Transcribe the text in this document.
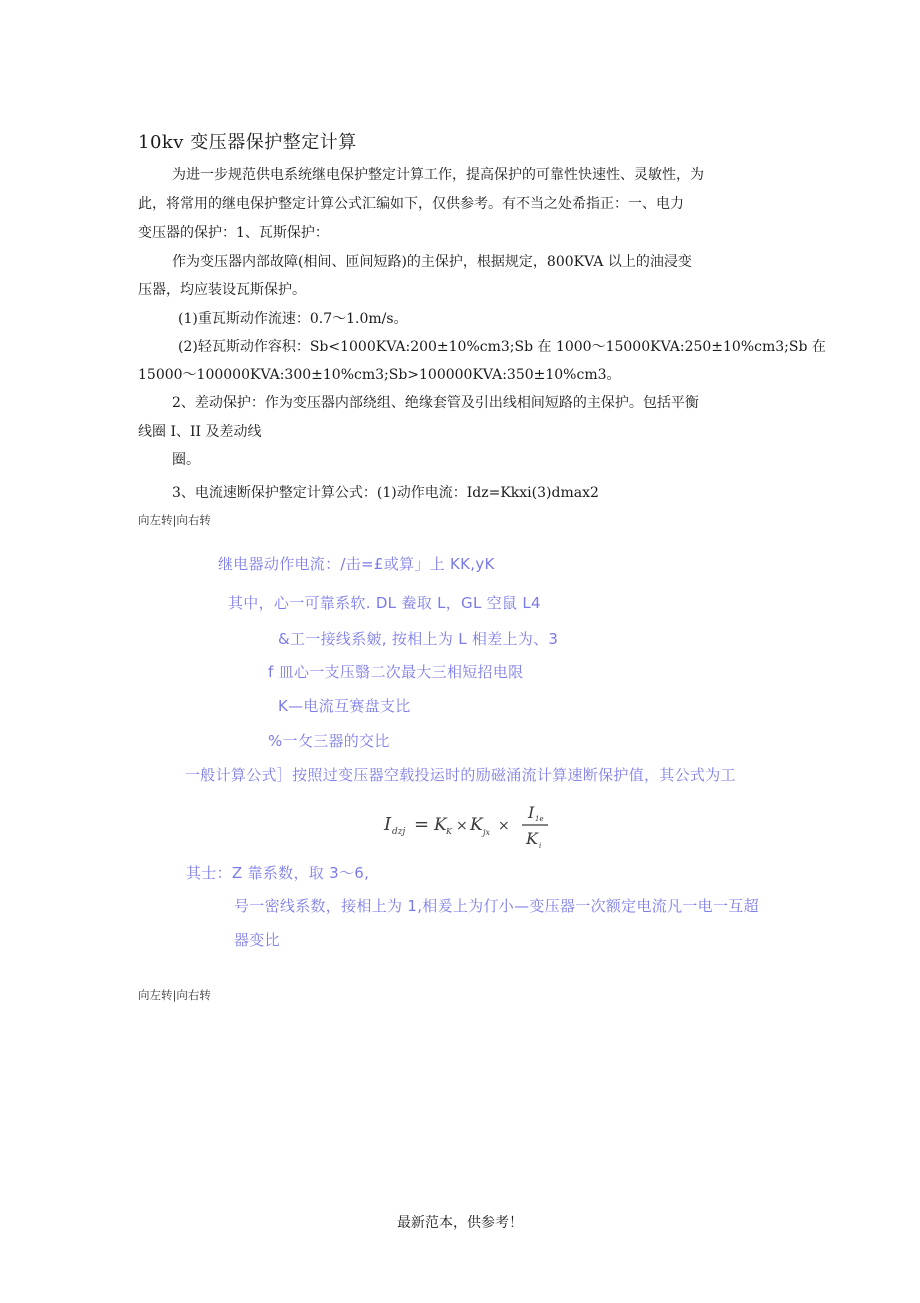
10kv 变压器保护整定计算
为进一步规范供电系统继电保护整定计算工作，提高保护的可靠性快速性、灵敏性，为
此，将常用的继电保护整定计算公式汇编如下，仅供参考。有不当之处希指正：一、电力
变压器的保护：1、瓦斯保护：
作为变压器内部故障(相间、匝间短路)的主保护，根据规定，800KVA 以上的油浸变
压器，均应装设瓦斯保护。
(1)重瓦斯动作流速：0.7〜1.0m/s。
(2)轻瓦斯动作容积：Sb<1000KVA:200±10%cm3;Sb 在 1000〜15000KVA:250±10%cm3;Sb 在
15000〜100000KVA:300±10%cm3;Sb>100000KVA:350±10%cm3。
2、差动保护：作为变压器内部绕组、绝缘套管及引出线相间短路的主保护。包括平衡
线圈 I、II 及差动线
圈。
3、电流速断保护整定计算公式：(1)动作电流：Idz=Kkxi(3)dmax2
向左转|向右转
继电器动作电流：/击=£或算」上 KK,yK
其中，心一可靠系软. DL 鲞取 L，GL 空鼠 L4
&工一接线系皴, 按相上为 L 相差上为、3
f 皿心一支压翳二次最大三相短招电限
K—电流互赛盘支比
%一攵三器的交比
一般计算公式］按照过变压器空载投运时的励磁涌流计算速断保护值，其公式为工
I dzj = K K × K jx ×
I 1e
K i
其士：Z 靠系数，取 3〜6,
号一密线系数，接相上为 1,相爰上为仃小—变压器一次额定电流凡一电一互超
器变比
向左转|向右转
最新范本，供参考！
